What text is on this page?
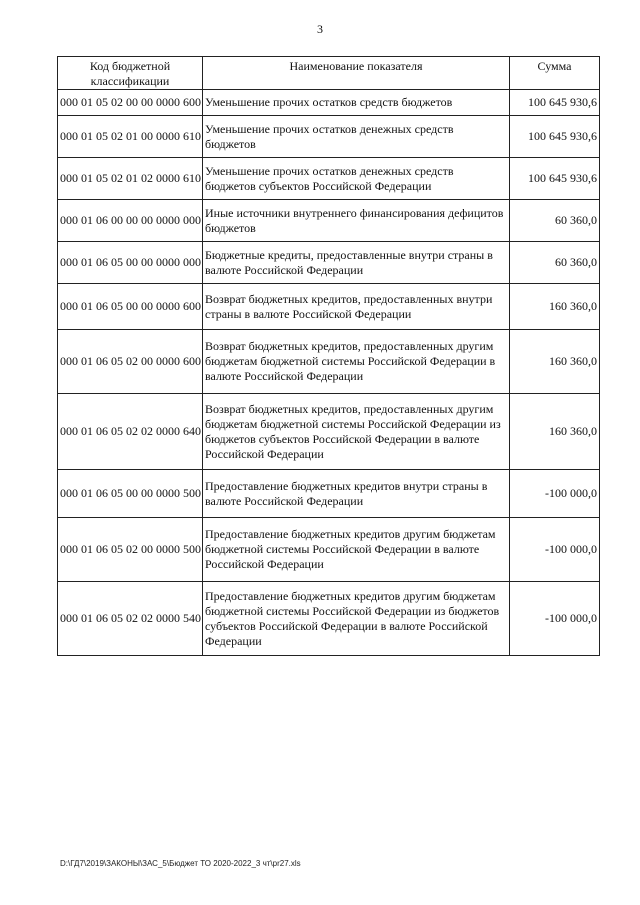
3
Код бюджетной классификации	Наименование показателя	Сумма
000 01 05 02 00 00 0000 600	Уменьшение прочих остатков средств бюджетов	100 645 930,6
000 01 05 02 01 00 0000 610	Уменьшение прочих остатков денежных средств бюджетов	100 645 930,6
000 01 05 02 01 02 0000 610	Уменьшение прочих остатков денежных средств бюджетов субъектов Российской Федерации	100 645 930,6
000 01 06 00 00 00 0000 000	Иные источники внутреннего финансирования дефицитов бюджетов	60 360,0
000 01 06 05 00 00 0000 000	Бюджетные кредиты, предоставленные внутри страны в валюте Российской Федерации	60 360,0
000 01 06 05 00 00 0000 600	Возврат бюджетных кредитов, предоставленных внутри страны в валюте Российской Федерации	160 360,0
000 01 06 05 02 00 0000 600	Возврат бюджетных кредитов, предоставленных другим бюджетам бюджетной системы Российской Федерации в валюте Российской Федерации	160 360,0
000 01 06 05 02 02 0000 640	Возврат бюджетных кредитов, предоставленных другим бюджетам бюджетной системы Российской Федерации из бюджетов субъектов Российской Федерации в валюте Российской Федерации	160 360,0
000 01 06 05 00 00 0000 500	Предоставление бюджетных кредитов внутри страны в валюте Российской Федерации	-100 000,0
000 01 06 05 02 00 0000 500	Предоставление бюджетных кредитов другим бюджетам бюджетной системы Российской Федерации в валюте Российской Федерации	-100 000,0
000 01 06 05 02 02 0000 540	Предоставление бюджетных кредитов другим бюджетам бюджетной системы Российской Федерации из бюджетов субъектов Российской Федерации в валюте Российской Федерации	-100 000,0
D:\ГД7\2019\ЗАКОНЫ\ЗАС_5\Бюджет ТО 2020-2022_3 чт\pr27.xls
